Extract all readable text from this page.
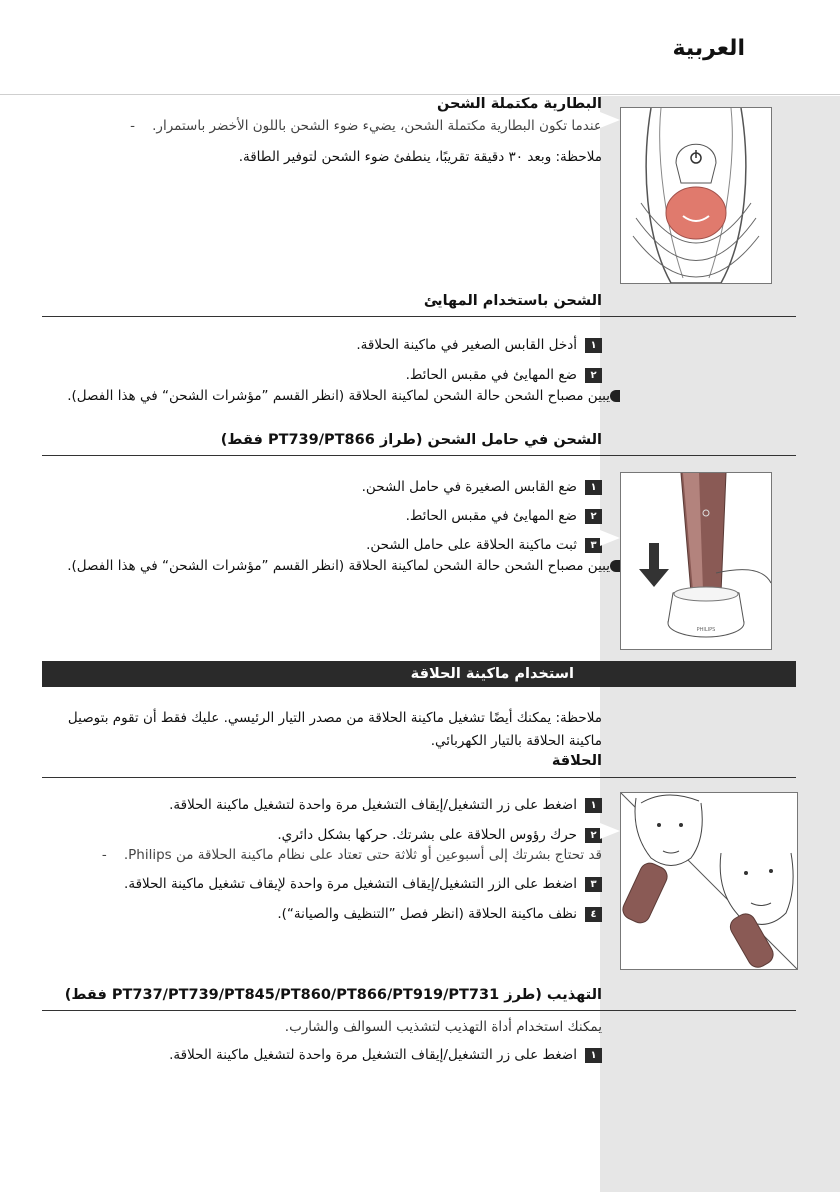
العربية
البطارية مكتملة الشحن
عندما تكون البطارية مكتملة الشحن، يضيء ضوء الشحن باللون الأخضر باستمرار.
-
ملاحظة: وبعد ٣٠ دقيقة تقريبًا، ينطفئ ضوء الشحن لتوفير الطاقة.
الشحن باستخدام المهايئ
١
أدخل القابس الصغير في ماكينة الحلاقة.
٢
ضع المهايئ في مقبس الحائط.
يبين مصباح الشحن حالة الشحن لماكينة الحلاقة (انظر القسم ”مؤشرات الشحن“ في هذا الفصل).
الشحن في حامل الشحن (طراز PT739/PT866 فقط)
١
ضع القابس الصغيرة في حامل الشحن.
٢
ضع المهايئ في مقبس الحائط.
٣
ثبت ماكينة الحلاقة على حامل الشحن.
يبين مصباح الشحن حالة الشحن لماكينة الحلاقة (انظر القسم ”مؤشرات الشحن“ في هذا الفصل).
PHILIPS
استخدام ماكينة الحلاقة
ملاحظة: يمكنك أيضًا تشغيل ماكينة الحلاقة من مصدر التيار الرئيسي. عليك فقط أن تقوم بتوصيل ماكينة الحلاقة بالتيار الكهربائي.
الحلاقة
١
اضغط على زر التشغيل/إيقاف التشغيل مرة واحدة لتشغيل ماكينة الحلاقة.
٢
حرك رؤوس الحلاقة على بشرتك. حركها بشكل دائري.
قد تحتاج بشرتك إلى أسبوعين أو ثلاثة حتى تعتاد على نظام ماكينة الحلاقة من Philips.
-
٣
اضغط على الزر التشغيل/إيقاف التشغيل مرة واحدة لإيقاف تشغيل ماكينة الحلاقة.
٤
نظف ماكينة الحلاقة (انظر فصل ”التنظيف والصيانة“).
التهذيب (طرز PT737/PT739/PT845/PT860/PT866/PT919/PT731 فقط)
يمكنك استخدام أداة التهذيب لتشذيب السوالف والشارب.
١
اضغط على زر التشغيل/إيقاف التشغيل مرة واحدة لتشغيل ماكينة الحلاقة.
